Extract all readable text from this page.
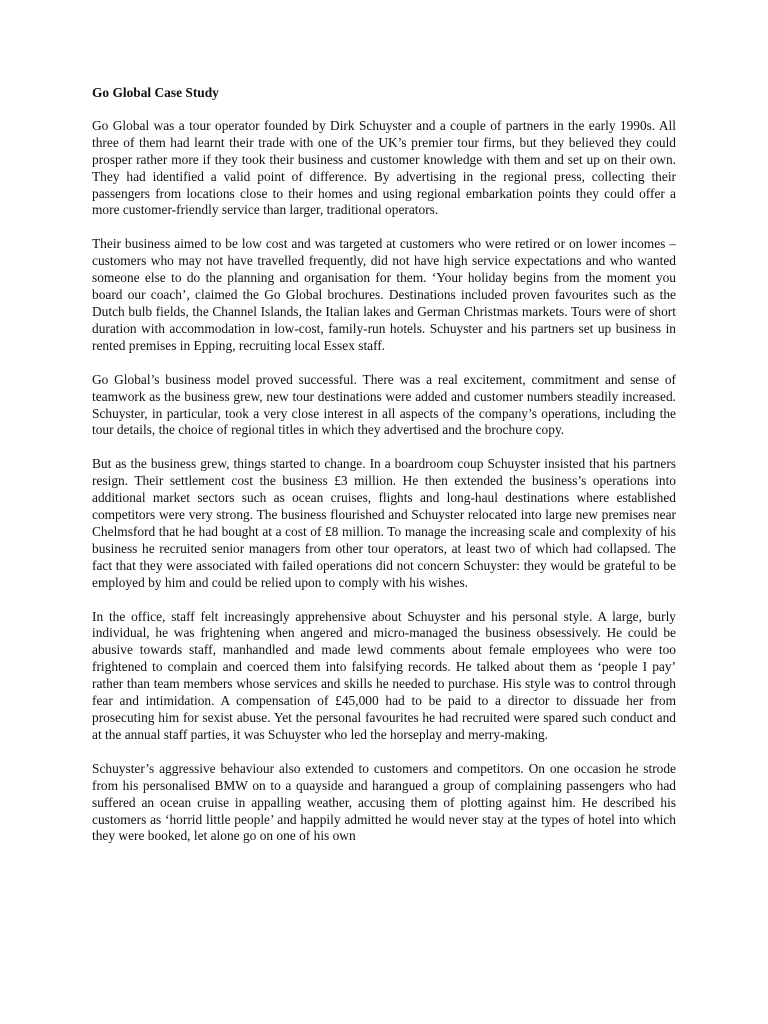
Go Global Case Study

Go Global was a tour operator founded by Dirk Schuyster and a couple of partners in the early 1990s. All three of them had learnt their trade with one of the UK’s premier tour firms, but they believed they could prosper rather more if they took their business and customer knowledge with them and set up on their own. They had identified a valid point of difference. By advertising in the regional press, collecting their passengers from locations close to their homes and using regional embarkation points they could offer a more customer-friendly service than larger, traditional operators.

Their business aimed to be low cost and was targeted at customers who were retired or on lower incomes – customers who may not have travelled frequently, did not have high service expectations and who wanted someone else to do the planning and organisation for them. ‘Your holiday begins from the moment you board our coach’, claimed the Go Global brochures. Destinations included proven favourites such as the Dutch bulb fields, the Channel Islands, the Italian lakes and German Christmas markets. Tours were of short duration with accommodation in low-cost, family-run hotels. Schuyster and his partners set up business in rented premises in Epping, recruiting local Essex staff.

Go Global’s business model proved successful. There was a real excitement, commitment and sense of teamwork as the business grew, new tour destinations were added and customer numbers steadily increased. Schuyster, in particular, took a very close interest in all aspects of the company’s operations, including the tour details, the choice of regional titles in which they advertised and the brochure copy.

But as the business grew, things started to change. In a boardroom coup Schuyster insisted that his partners resign. Their settlement cost the business £3 million. He then extended the business’s operations into additional market sectors such as ocean cruises, flights and long-haul destinations where established competitors were very strong. The business flourished and Schuyster relocated into large new premises near Chelmsford that he had bought at a cost of £8 million. To manage the increasing scale and complexity of his business he recruited senior managers from other tour operators, at least two of which had collapsed. The fact that they were associated with failed operations did not concern Schuyster: they would be grateful to be employed by him and could be relied upon to comply with his wishes.

In the office, staff felt increasingly apprehensive about Schuyster and his personal style. A large, burly individual, he was frightening when angered and micro-managed the business obsessively. He could be abusive towards staff, manhandled and made lewd comments about female employees who were too frightened to complain and coerced them into falsifying records. He talked about them as ‘people I pay’ rather than team members whose services and skills he needed to purchase. His style was to control through fear and intimidation. A compensation of £45,000 had to be paid to a director to dissuade her from prosecuting him for sexist abuse. Yet the personal favourites he had recruited were spared such conduct and at the annual staff parties, it was Schuyster who led the horseplay and merry-making.

Schuyster’s aggressive behaviour also extended to customers and competitors. On one occasion he strode from his personalised BMW on to a quayside and harangued a group of complaining passengers who had suffered an ocean cruise in appalling weather, accusing them of plotting against him. He described his customers as ‘horrid little people’ and happily admitted he would never stay at the types of hotel into which they were booked, let alone go on one of his own
